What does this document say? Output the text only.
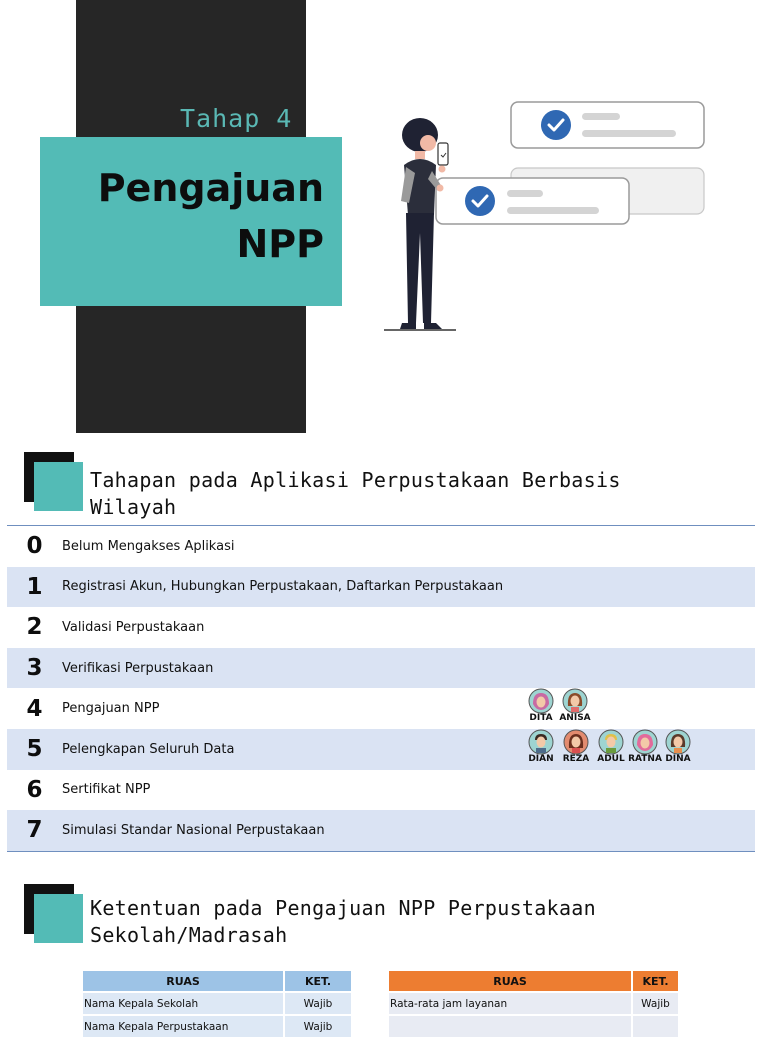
Tahap 4
Pengajuan
NPP
Tahapan pada Aplikasi Perpustakaan Berbasis
Wilayah
0	Belum Mengakses Aplikasi
1	Registrasi Akun, Hubungkan Perpustakaan, Daftarkan Perpustakaan
2	Validasi Perpustakaan
3	Verifikasi Perpustakaan
4	Pengajuan NPP
DITA ANISA
5	Pelengkapan Seluruh Data
DIAN	REZA ADUL RATNA DINA
6	Sertifikat NPP
7	Simulasi Standar Nasional Perpustakaan
Ketentuan pada Pengajuan NPP Perpustakaan
Sekolah/Madrasah
RUAS	KET.
Nama Kepala Sekolah	Wajib
Nama Kepala Perpustakaan	Wajib
RUAS	KET.
Rata-rata jam layanan	Wajib
